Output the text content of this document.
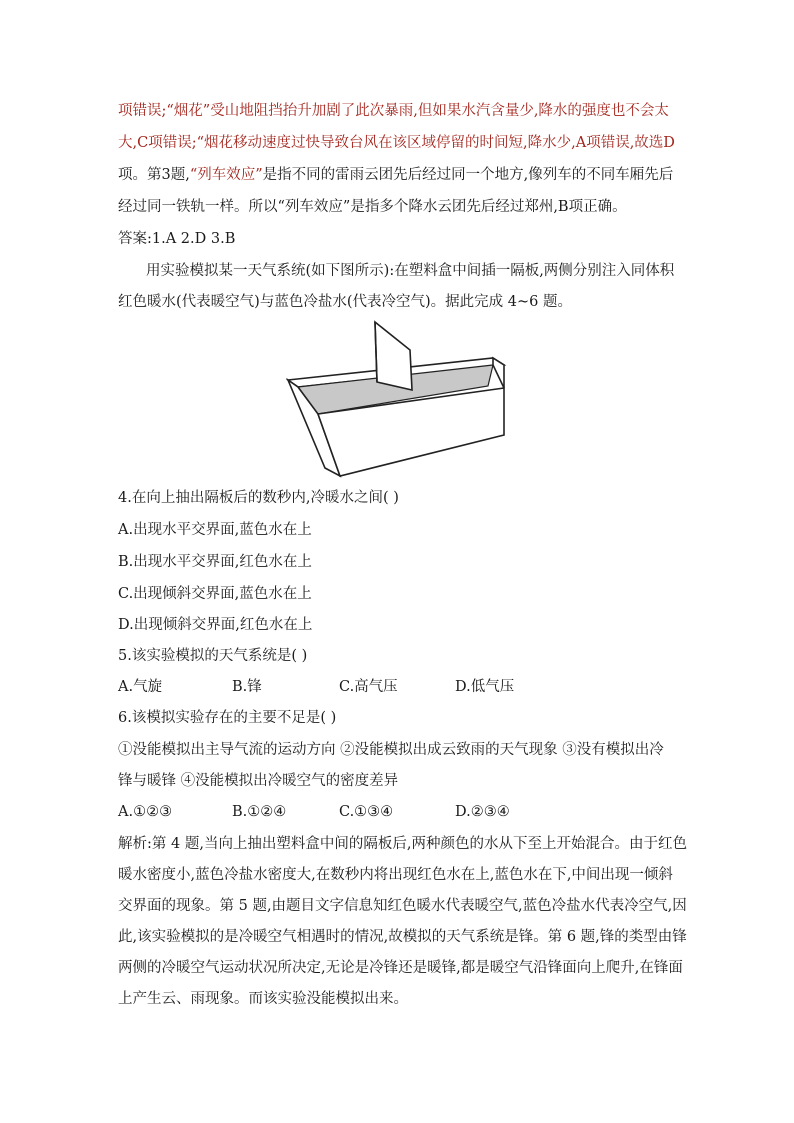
项错误;“烟花”受山地阻挡抬升加剧了此次暴雨,但如果水汽含量少,降水的强度也不会太
大,C项错误;“烟花移动速度过快导致台风在该区域停留的时间短,降水少,A项错误,故选D
项。第3题,“列车效应”是指不同的雷雨云团先后经过同一个地方,像列车的不同车厢先后
经过同一铁轨一样。所以“列车效应”是指多个降水云团先后经过郑州,B项正确。
答案:1.A 2.D 3.B
用实验模拟某一天气系统(如下图所示):在塑料盒中间插一隔板,两侧分别注入同体积
红色暖水(代表暖空气)与蓝色冷盐水(代表冷空气)。据此完成 4~6 题。
4.在向上抽出隔板后的数秒内,冷暖水之间( )
A.出现水平交界面,蓝色水在上
B.出现水平交界面,红色水在上
C.出现倾斜交界面,蓝色水在上
D.出现倾斜交界面,红色水在上
5.该实验模拟的天气系统是( )
A.气旋	B.锋	C.高气压	D.低气压
6.该模拟实验存在的主要不足是( )
①没能模拟出主导气流的运动方向 ②没能模拟出成云致雨的天气现象 ③没有模拟出冷
锋与暖锋 ④没能模拟出冷暖空气的密度差异
A.①②③	B.①②④	C.①③④	D.②③④
解析:第 4 题,当向上抽出塑料盒中间的隔板后,两种颜色的水从下至上开始混合。由于红色
暖水密度小,蓝色冷盐水密度大,在数秒内将出现红色水在上,蓝色水在下,中间出现一倾斜
交界面的现象。第 5 题,由题目文字信息知红色暖水代表暖空气,蓝色冷盐水代表冷空气,因
此,该实验模拟的是冷暖空气相遇时的情况,故模拟的天气系统是锋。第 6 题,锋的类型由锋
两侧的冷暖空气运动状况所决定,无论是冷锋还是暖锋,都是暖空气沿锋面向上爬升,在锋面
上产生云、雨现象。而该实验没能模拟出来。
